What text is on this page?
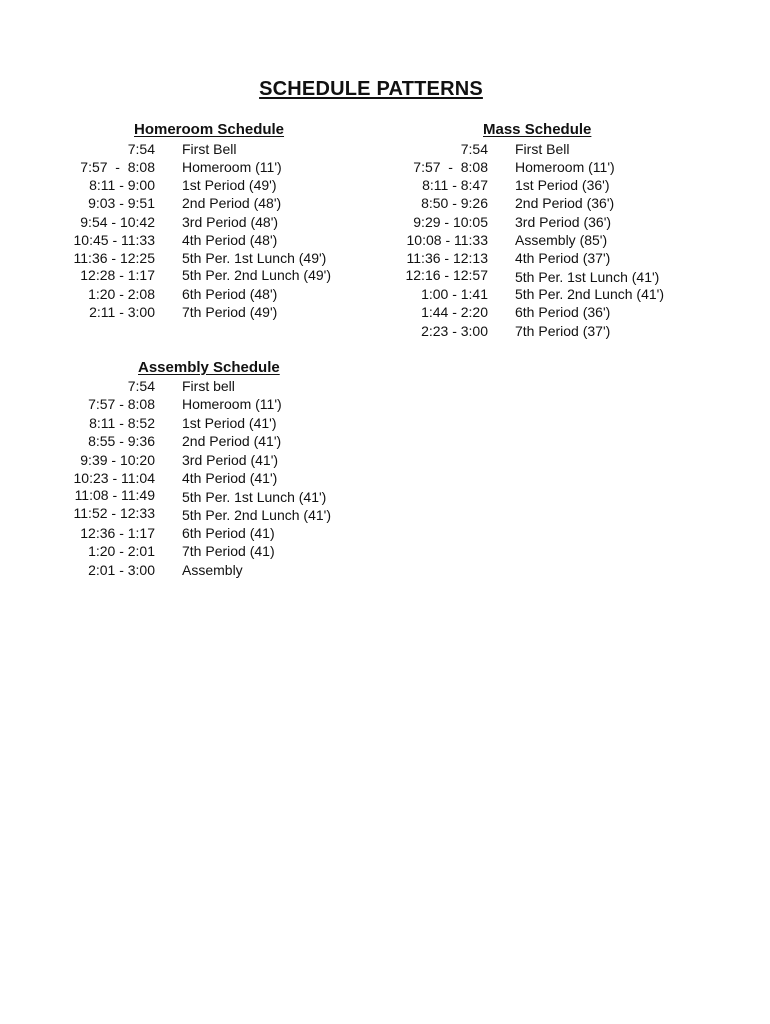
SCHEDULE PATTERNS
Homeroom Schedule
7:54 First Bell
7:57  -  8:08 Homeroom (11')
8:11 - 9:00 1st Period (49')
9:03 - 9:51 2nd Period (48')
9:54 - 10:42 3rd Period (48')
10:45 - 11:33 4th Period (48')
11:36 - 12:25 5th Per. 1st Lunch (49')
12:28 - 1:17 5th Per. 2nd Lunch (49')
1:20 - 2:08 6th Period (48')
2:11 - 3:00 7th Period (49')
Mass Schedule
7:54 First Bell
7:57  -  8:08 Homeroom (11')
8:11 - 8:47 1st Period (36')
8:50 - 9:26 2nd Period (36')
9:29 - 10:05 3rd Period (36')
10:08 - 11:33 Assembly (85')
11:36 - 12:13 4th Period (37')
12:16 - 12:57 5th Per. 1st Lunch (41')
1:00 - 1:41 5th Per. 2nd Lunch (41')
1:44 - 2:20 6th Period (36')
2:23 - 3:00 7th Period (37')
Assembly Schedule
7:54 First bell
7:57 - 8:08 Homeroom (11')
8:11 - 8:52 1st Period (41')
8:55 - 9:36 2nd Period (41')
9:39 - 10:20 3rd Period (41')
10:23 - 11:04 4th Period (41')
11:08 - 11:49 5th Per. 1st Lunch (41')
11:52 - 12:33 5th Per. 2nd Lunch (41')
12:36 - 1:17 6th Period (41)
1:20 - 2:01 7th Period (41)
2:01 - 3:00 Assembly
